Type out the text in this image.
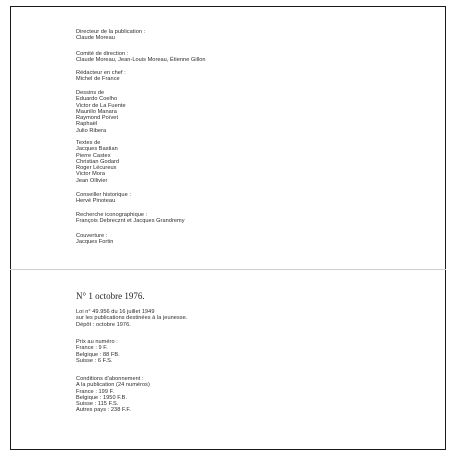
Directeur de la publication :
Claude Moreau
Comité de direction :
Claude Moreau, Jean-Louis Moreau, Étienne Gillon
Rédacteur en chef :
Michel de France
Dessins de
Eduardo Coelho
Victor de La Fuente
Mauriilo Manara
Raymond Poïvet
Raphaël
Julio Ribera
Textes de
Jacques Bastian
Pierre Castex
Christian Godard
Roger Lécureux
Victor Mora
Jean Ollivier
Conseiller historique :
Hervé Pinoteau
Recherche iconographique :
François Debrecznt et Jacques Grandremy
Couverture :
Jacques Fortin
N° 1 octobre 1976.
Loi n° 49.956 du 16 juillet 1949
sur les publications destinées à la jeunesse.
Dépôt : octobre 1976.
Prix au numéro :
France : 9 F.
Belgique : 88 FB.
Suisse : 6 F.S.
Conditions d'abonnement :
A la publication (24 numéros)
France : 199 F.
Belgique : 1950 F.B.
Suisse : 115 F.S.
Autres pays : 238 F.F.
